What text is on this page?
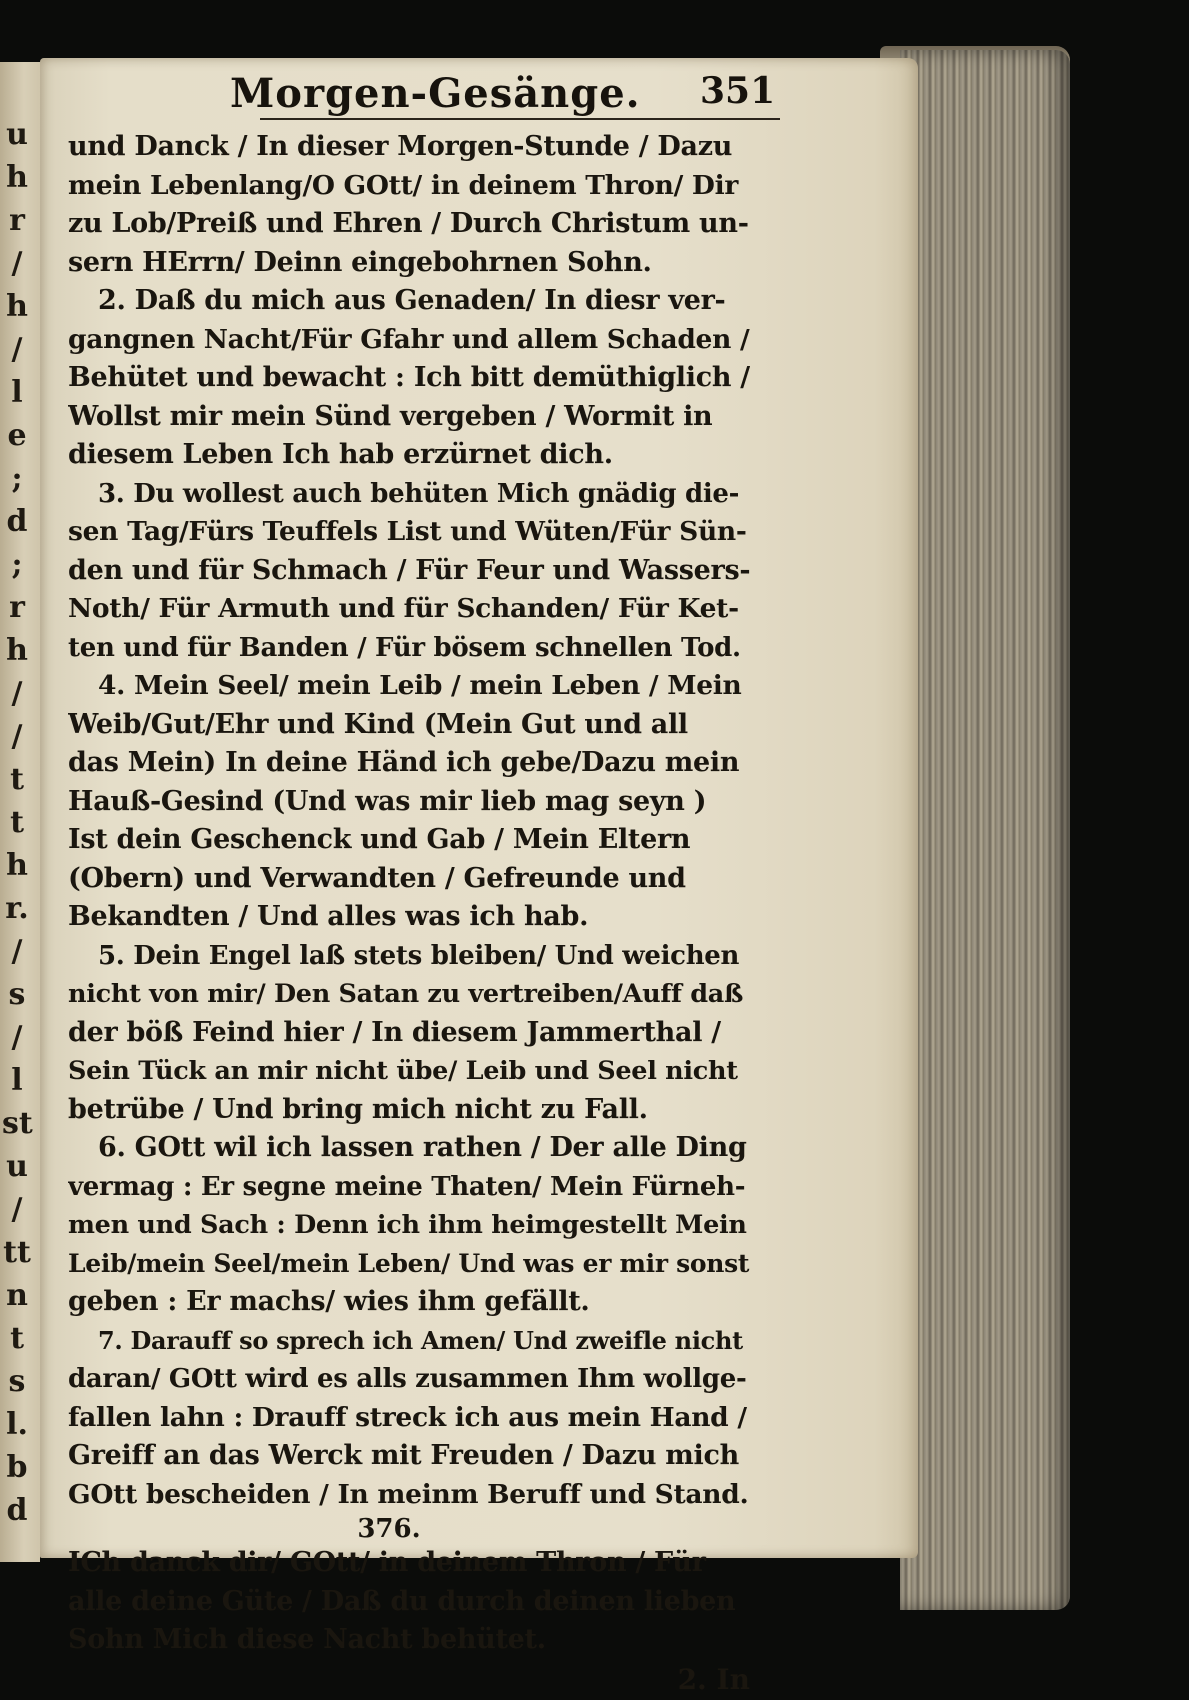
u
h
r
/
h
/
l
e
;
d
;
r
h
/
/
t
t
h
r.
/
s
/
l
st
u
/
tt
n
t
s
l.
b
d
Morgen-Gesänge. 351
und Danck / In dieser Morgen-Stunde / Dazu
mein Lebenlang/O GOtt/ in deinem Thron/ Dir
zu Lob/Preiß und Ehren / Durch Christum un-
sern HErrn/ Deinn eingebohrnen Sohn.
2. Daß du mich aus Genaden/ In diesr ver-
gangnen Nacht/Für Gfahr und allem Schaden /
Behütet und bewacht : Ich bitt demüthiglich /
Wollst mir mein Sünd vergeben / Wormit in
diesem Leben Ich hab erzürnet dich.
3. Du wollest auch behüten Mich gnädig die-
sen Tag/Fürs Teuffels List und Wüten/Für Sün-
den und für Schmach / Für Feur und Wassers-
Noth/ Für Armuth und für Schanden/ Für Ket-
ten und für Banden / Für bösem schnellen Tod.
4. Mein Seel/ mein Leib / mein Leben / Mein
Weib/Gut/Ehr und Kind (Mein Gut und all
das Mein) In deine Händ ich gebe/Dazu mein
Hauß-Gesind (Und was mir lieb mag seyn )
Ist dein Geschenck und Gab / Mein Eltern
(Obern) und Verwandten / Gefreunde und
Bekandten / Und alles was ich hab.
5. Dein Engel laß stets bleiben/ Und weichen
nicht von mir/ Den Satan zu vertreiben/Auff daß
der böß Feind hier / In diesem Jammerthal /
Sein Tück an mir nicht übe/ Leib und Seel nicht
betrübe / Und bring mich nicht zu Fall.
6. GOtt wil ich lassen rathen / Der alle Ding
vermag : Er segne meine Thaten/ Mein Fürneh-
men und Sach : Denn ich ihm heimgestellt Mein
Leib/mein Seel/mein Leben/ Und was er mir sonst
geben : Er machs/ wies ihm gefällt.
7. Darauff so sprech ich Amen/ Und zweifle nicht
daran/ GOtt wird es alls zusammen Ihm wollge-
fallen lahn : Drauff streck ich aus mein Hand /
Greiff an das Werck mit Freuden / Dazu mich
GOtt bescheiden / In meinm Beruff und Stand.
376.
ICh danck dir/ GOtt/ in deinem Thron / Für
alle deine Güte / Daß du durch deinen lieben
Sohn Mich diese Nacht behütet.
2. In
